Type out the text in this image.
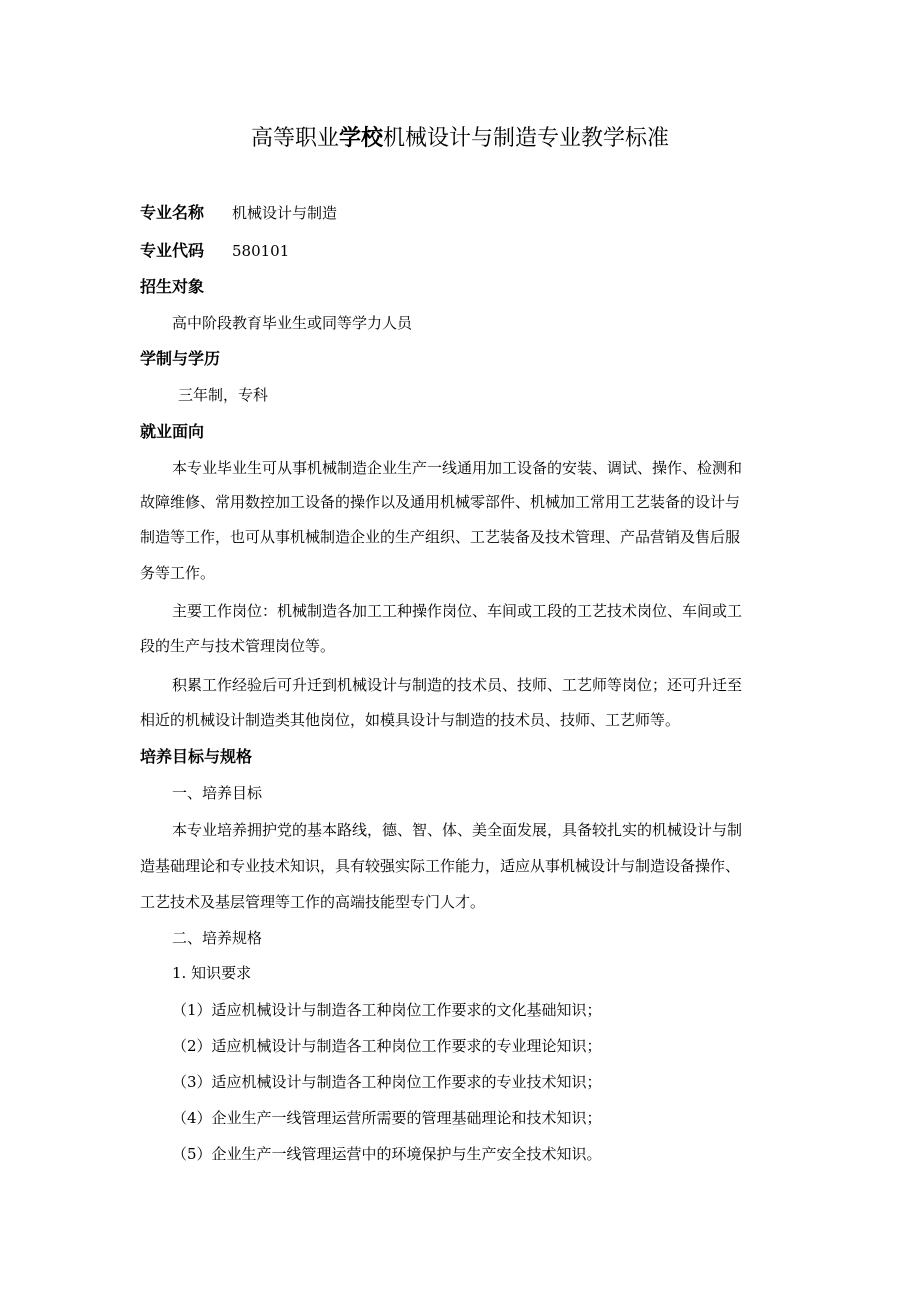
高等职业学校机械设计与制造专业教学标准
专业名称 机械设计与制造
专业代码 580101
招生对象
高中阶段教育毕业生或同等学力人员
学制与学历
三年制，专科
就业面向
本专业毕业生可从事机械制造企业生产一线通用加工设备的安装、调试、操作、检测和
故障维修、常用数控加工设备的操作以及通用机械零部件、机械加工常用工艺装备的设计与
制造等工作，也可从事机械制造企业的生产组织、工艺装备及技术管理、产品营销及售后服
务等工作。
主要工作岗位：机械制造各加工工种操作岗位、车间或工段的工艺技术岗位、车间或工
段的生产与技术管理岗位等。
积累工作经验后可升迁到机械设计与制造的技术员、技师、工艺师等岗位；还可升迁至
相近的机械设计制造类其他岗位，如模具设计与制造的技术员、技师、工艺师等。
培养目标与规格
一、培养目标
本专业培养拥护党的基本路线，德、智、体、美全面发展，具备较扎实的机械设计与制
造基础理论和专业技术知识，具有较强实际工作能力，适应从事机械设计与制造设备操作、
工艺技术及基层管理等工作的高端技能型专门人才。
二、培养规格
1. 知识要求
（1）适应机械设计与制造各工种岗位工作要求的文化基础知识；
（2）适应机械设计与制造各工种岗位工作要求的专业理论知识；
（3）适应机械设计与制造各工种岗位工作要求的专业技术知识；
（4）企业生产一线管理运营所需要的管理基础理论和技术知识；
（5）企业生产一线管理运营中的环境保护与生产安全技术知识。
